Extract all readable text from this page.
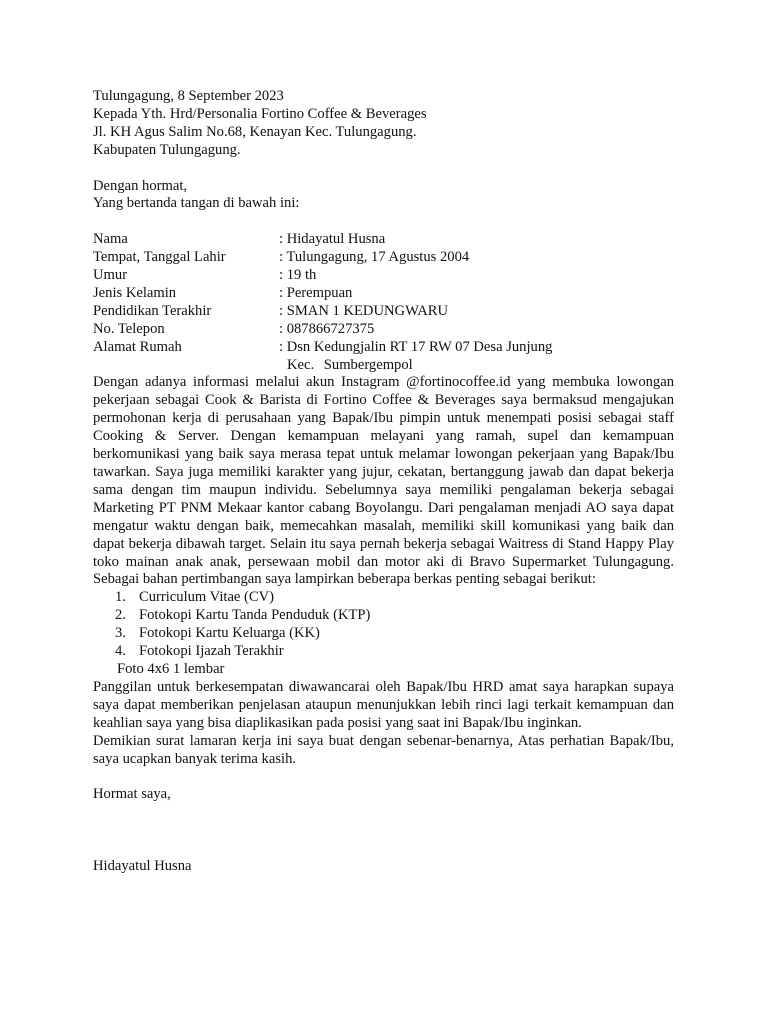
Tulungagung, 8 September 2023
Kepada Yth. Hrd/Personalia Fortino Coffee & Beverages
Jl. KH Agus Salim No.68, Kenayan Kec. Tulungagung.
Kabupaten Tulungagung.
Dengan hormat,
Yang bertanda tangan di bawah ini:
Nama	: Hidayatul Husna
Tempat, Tanggal Lahir	: Tulungagung, 17 Agustus 2004
Umur	: 19 th
Jenis Kelamin	: Perempuan
Pendidikan Terakhir	: SMAN 1 KEDUNGWARU
No. Telepon	: 087866727375
Alamat Rumah	: Dsn Kedungjalin RT 17 RW 07 Desa Junjung
Kec. Sumbergempol
Dengan adanya informasi melalui akun Instagram @fortinocoffee.id yang membuka lowongan pekerjaan sebagai Cook & Barista di Fortino Coffee & Beverages saya bermaksud mengajukan permohonan kerja di perusahaan yang Bapak/Ibu pimpin untuk menempati posisi sebagai staff Cooking & Server. Dengan kemampuan melayani yang ramah, supel dan kemampuan berkomunikasi yang baik saya merasa tepat untuk melamar lowongan pekerjaan yang Bapak/Ibu tawarkan. Saya juga memiliki karakter yang jujur, cekatan, bertanggung jawab dan dapat bekerja sama dengan tim maupun individu. Sebelumnya saya memiliki pengalaman bekerja sebagai Marketing PT PNM Mekaar kantor cabang Boyolangu. Dari pengalaman menjadi AO saya dapat mengatur waktu dengan baik, memecahkan masalah, memiliki skill komunikasi yang baik dan dapat bekerja dibawah target. Selain itu saya pernah bekerja sebagai Waitress di Stand Happy Play toko mainan anak anak, persewaan mobil dan motor aki di Bravo Supermarket Tulungagung. Sebagai bahan pertimbangan saya lampirkan beberapa berkas penting sebagai berikut:
1. Curriculum Vitae (CV)
2. Fotokopi Kartu Tanda Penduduk (KTP)
3. Fotokopi Kartu Keluarga (KK)
4. Fotokopi Ijazah Terakhir
Foto 4x6 1 lembar
Panggilan untuk berkesempatan diwawancarai oleh Bapak/Ibu HRD amat saya harapkan supaya saya dapat memberikan penjelasan ataupun menunjukkan lebih rinci lagi terkait kemampuan dan keahlian saya yang bisa diaplikasikan pada posisi yang saat ini Bapak/Ibu inginkan.
Demikian surat lamaran kerja ini saya buat dengan sebenar-benarnya, Atas perhatian Bapak/Ibu, saya ucapkan banyak terima kasih.
Hormat saya,
Hidayatul Husna
